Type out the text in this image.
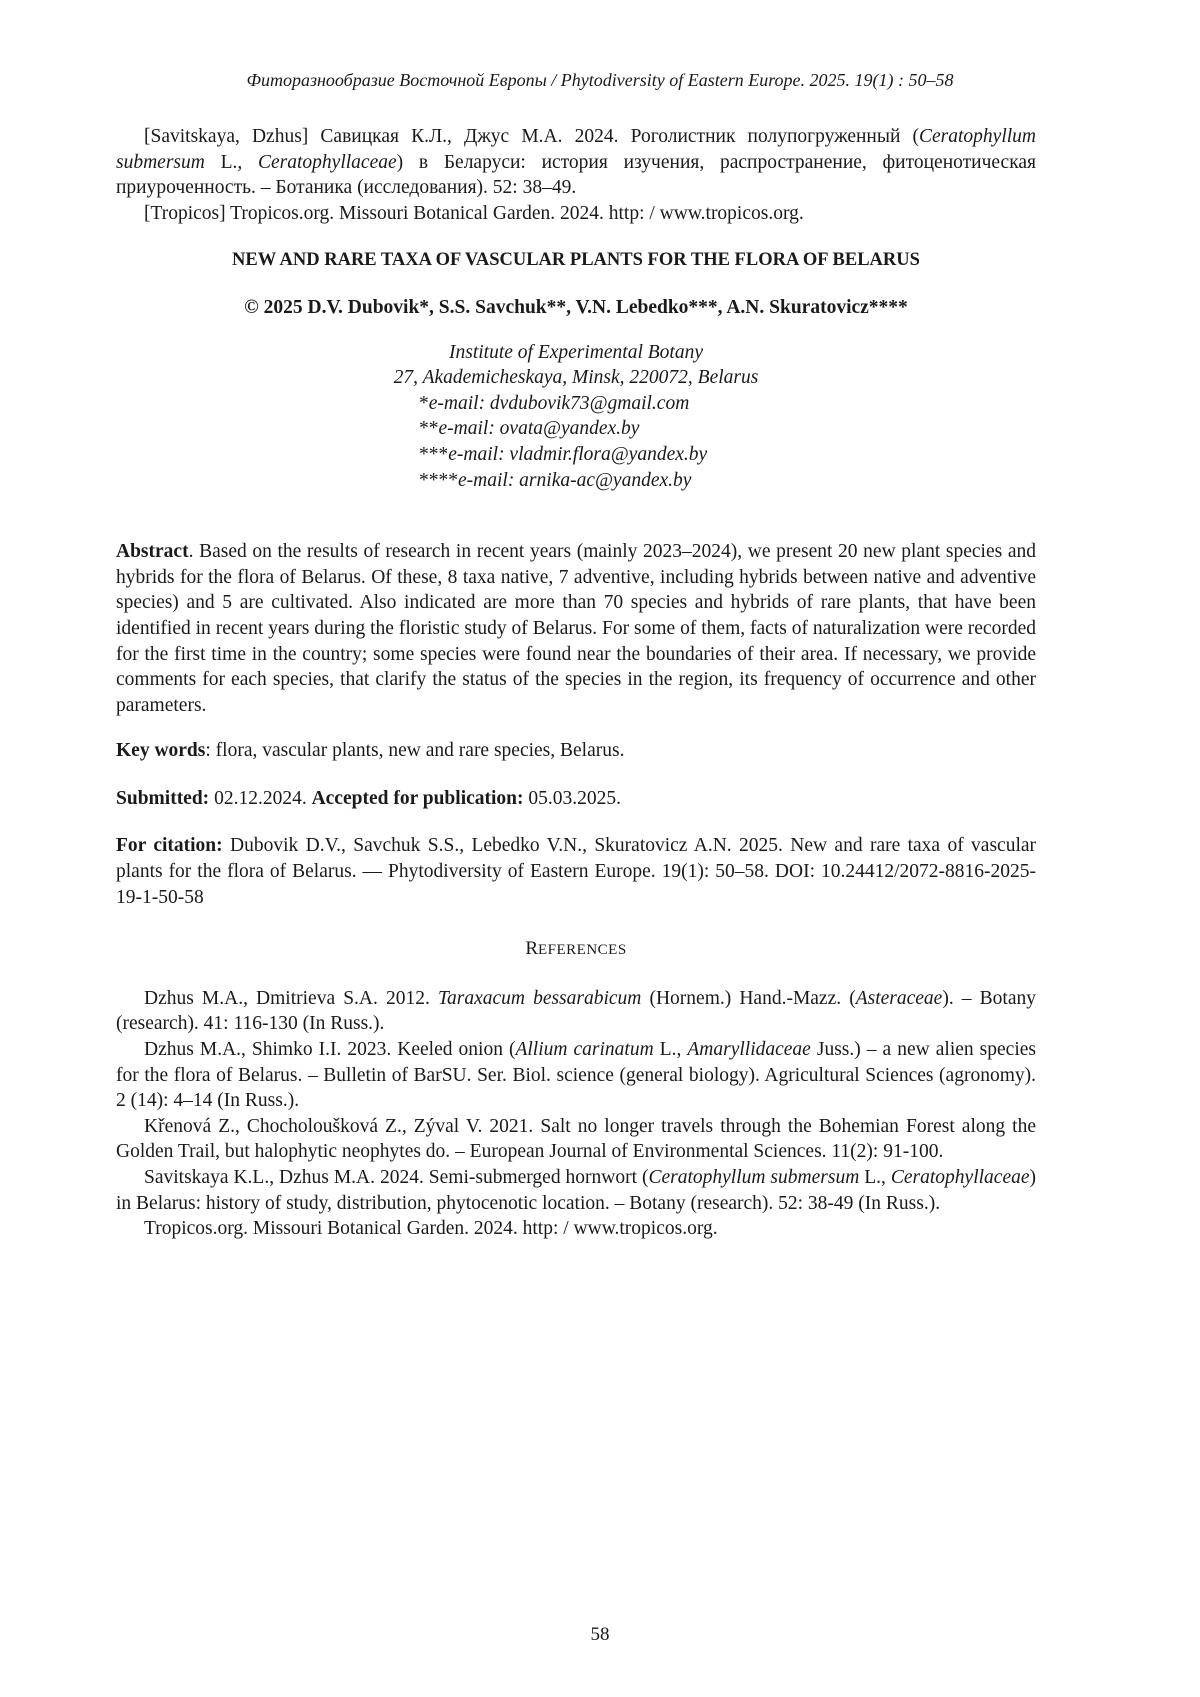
Фиторазнообразие Восточной Европы / Phytodiversity of Eastern Europe. 2025. 19(1) : 50–58

[Savitskaya, Dzhus] Савицкая К.Л., Джус М.А. 2024. Роголистник полупогруженный (Ceratophyllum submersum L., Ceratophyllaceae) в Беларуси: история изучения, распространение, фитоценотическая приуроченность. – Ботаника (исследования). 52: 38–49.

[Tropicos] Tropicos.org. Missouri Botanical Garden. 2024. http: / www.tropicos.org.

NEW AND RARE TAXA OF VASCULAR PLANTS FOR THE FLORA OF BELARUS
© 2025 D.V. Dubovik*, S.S. Savchuk**, V.N. Lebedko***, A.N. Skuratovicz****
Institute of Experimental Botany
27, Akademicheskaya, Minsk, 220072, Belarus
*e-mail: dvdubovik73@gmail.com
**e-mail: ovata@yandex.by
***e-mail: vladmir.flora@yandex.by
****e-mail: arnika-ac@yandex.by

Abstract. Based on the results of research in recent years (mainly 2023–2024), we present 20 new plant species and hybrids for the flora of Belarus. Of these, 8 taxa native, 7 adventive, including hybrids between native and adventive species) and 5 are cultivated. Also indicated are more than 70 species and hybrids of rare plants, that have been identified in recent years during the floristic study of Belarus. For some of them, facts of naturalization were recorded for the first time in the country; some species were found near the boundaries of their area. If necessary, we provide comments for each species, that clarify the status of the species in the region, its frequency of occurrence and other parameters.

Key words: flora, vascular plants, new and rare species, Belarus.

Submitted: 02.12.2024. Accepted for publication: 05.03.2025.

For citation: Dubovik D.V., Savchuk S.S., Lebedko V.N., Skuratovicz A.N. 2025. New and rare taxa of vascular plants for the flora of Belarus. — Phytodiversity of Eastern Europe. 19(1): 50–58. DOI: 10.24412/2072-8816-2025-19-1-50-58

REFERENCES

Dzhus M.A., Dmitrieva S.A. 2012. Taraxacum bessarabicum (Hornem.) Hand.-Mazz. (Asteraceae). – Botany (research). 41: 116-130 (In Russ.).

Dzhus M.A., Shimko I.I. 2023. Keeled onion (Allium carinatum L., Amaryllidaceae Juss.) – a new alien species for the flora of Belarus. – Bulletin of BarSU. Ser. Biol. science (general biology). Agricultural Sciences (agronomy). 2 (14): 4–14 (In Russ.).

Křenová Z., Chocholoušková Z., Zýval V. 2021. Salt no longer travels through the Bohemian Forest along the Golden Trail, but halophytic neophytes do. – European Journal of Environmental Sciences. 11(2): 91-100.

Savitskaya K.L., Dzhus M.A. 2024. Semi-submerged hornwort (Ceratophyllum submersum L., Ceratophyllaceae) in Belarus: history of study, distribution, phytocenotic location. – Botany (research). 52: 38-49 (In Russ.).

Tropicos.org. Missouri Botanical Garden. 2024. http: / www.tropicos.org.

58
